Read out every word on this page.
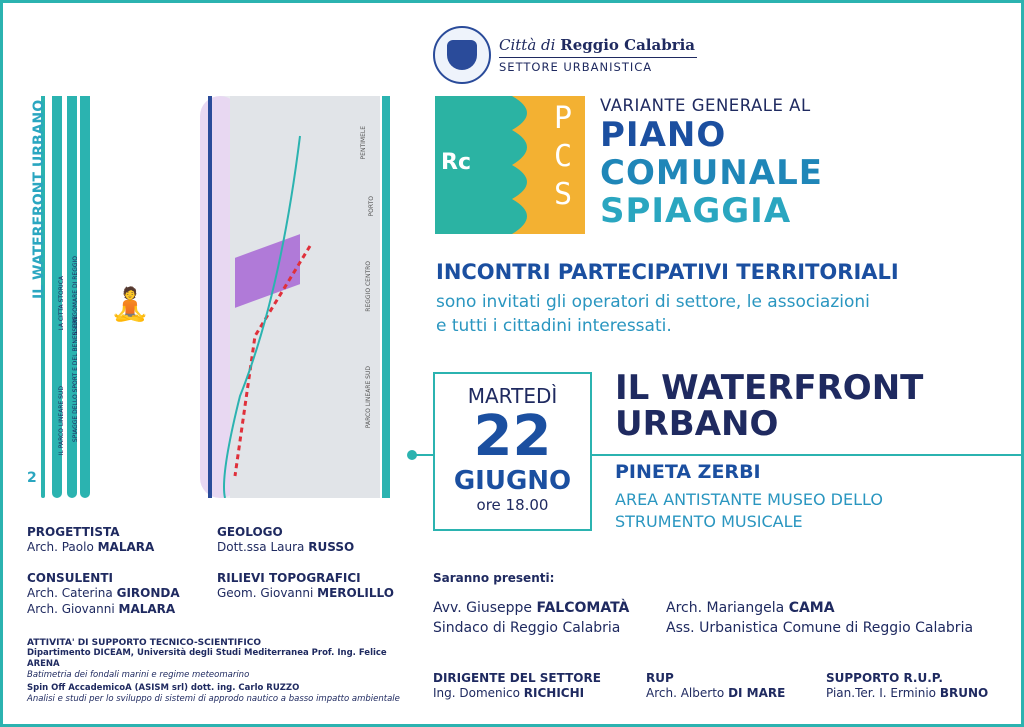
Città di Reggio Calabria
SETTORE URBANISTICA
Rc
P
C
S
VARIANTE GENERALE AL
PIANO
COMUNALE
SPIAGGIA
INCONTRI PARTECIPATIVI TERRITORIALI
sono invitati gli operatori di settore, le associazioni
e tutti i cittadini interessati.
MARTEDÌ
22
GIUGNO
ore 18.00
IL WATERFRONT
URBANO
PINETA ZERBI
AREA ANTISTANTE MUSEO DELLO
STRUMENTO MUSICALE
LA CITTÀ STORICA IL LUNGOMARE DI REGGIO
IL PARCO LINEARE SUD SPIAGGE DELLO SPORT E DEL BENESSERE
IL WATERFRONT URBANO
2
🧘
PENTIMELE
PORTO
REGGIO CENTRO
PARCO LINEARE SUD
PROGETTISTA

Arch. Paolo MALARA

GEOLOGO

Dott.ssa Laura RUSSO

CONSULENTI

Arch. Caterina GIRONDA

Arch. Giovanni MALARA

RILIEVI TOPOGRAFICI

Geom. Giovanni MEROLILLO

ATTIVITA' DI SUPPORTO TECNICO-SCIENTIFICO

Dipartimento DICEAM, Università degli Studi Mediterranea Prof. Ing. Felice ARENA

Batimetria dei fondali marini e regime meteomarino

Spin Off AccademicoA (ASISM srl) dott. ing. Carlo RUZZO

Analisi e studi per lo sviluppo di sistemi di approdo nautico a basso impatto ambientale

Saranno presenti:

Avv. Giuseppe FALCOMATÀ

Sindaco di Reggio Calabria

Arch. Mariangela CAMA

Ass. Urbanistica Comune di Reggio Calabria

DIRIGENTE DEL SETTORE

Ing. Domenico RICHICHI

RUP

Arch. Alberto DI MARE

SUPPORTO R.U.P.

Pian.Ter. I. Erminio BRUNO
